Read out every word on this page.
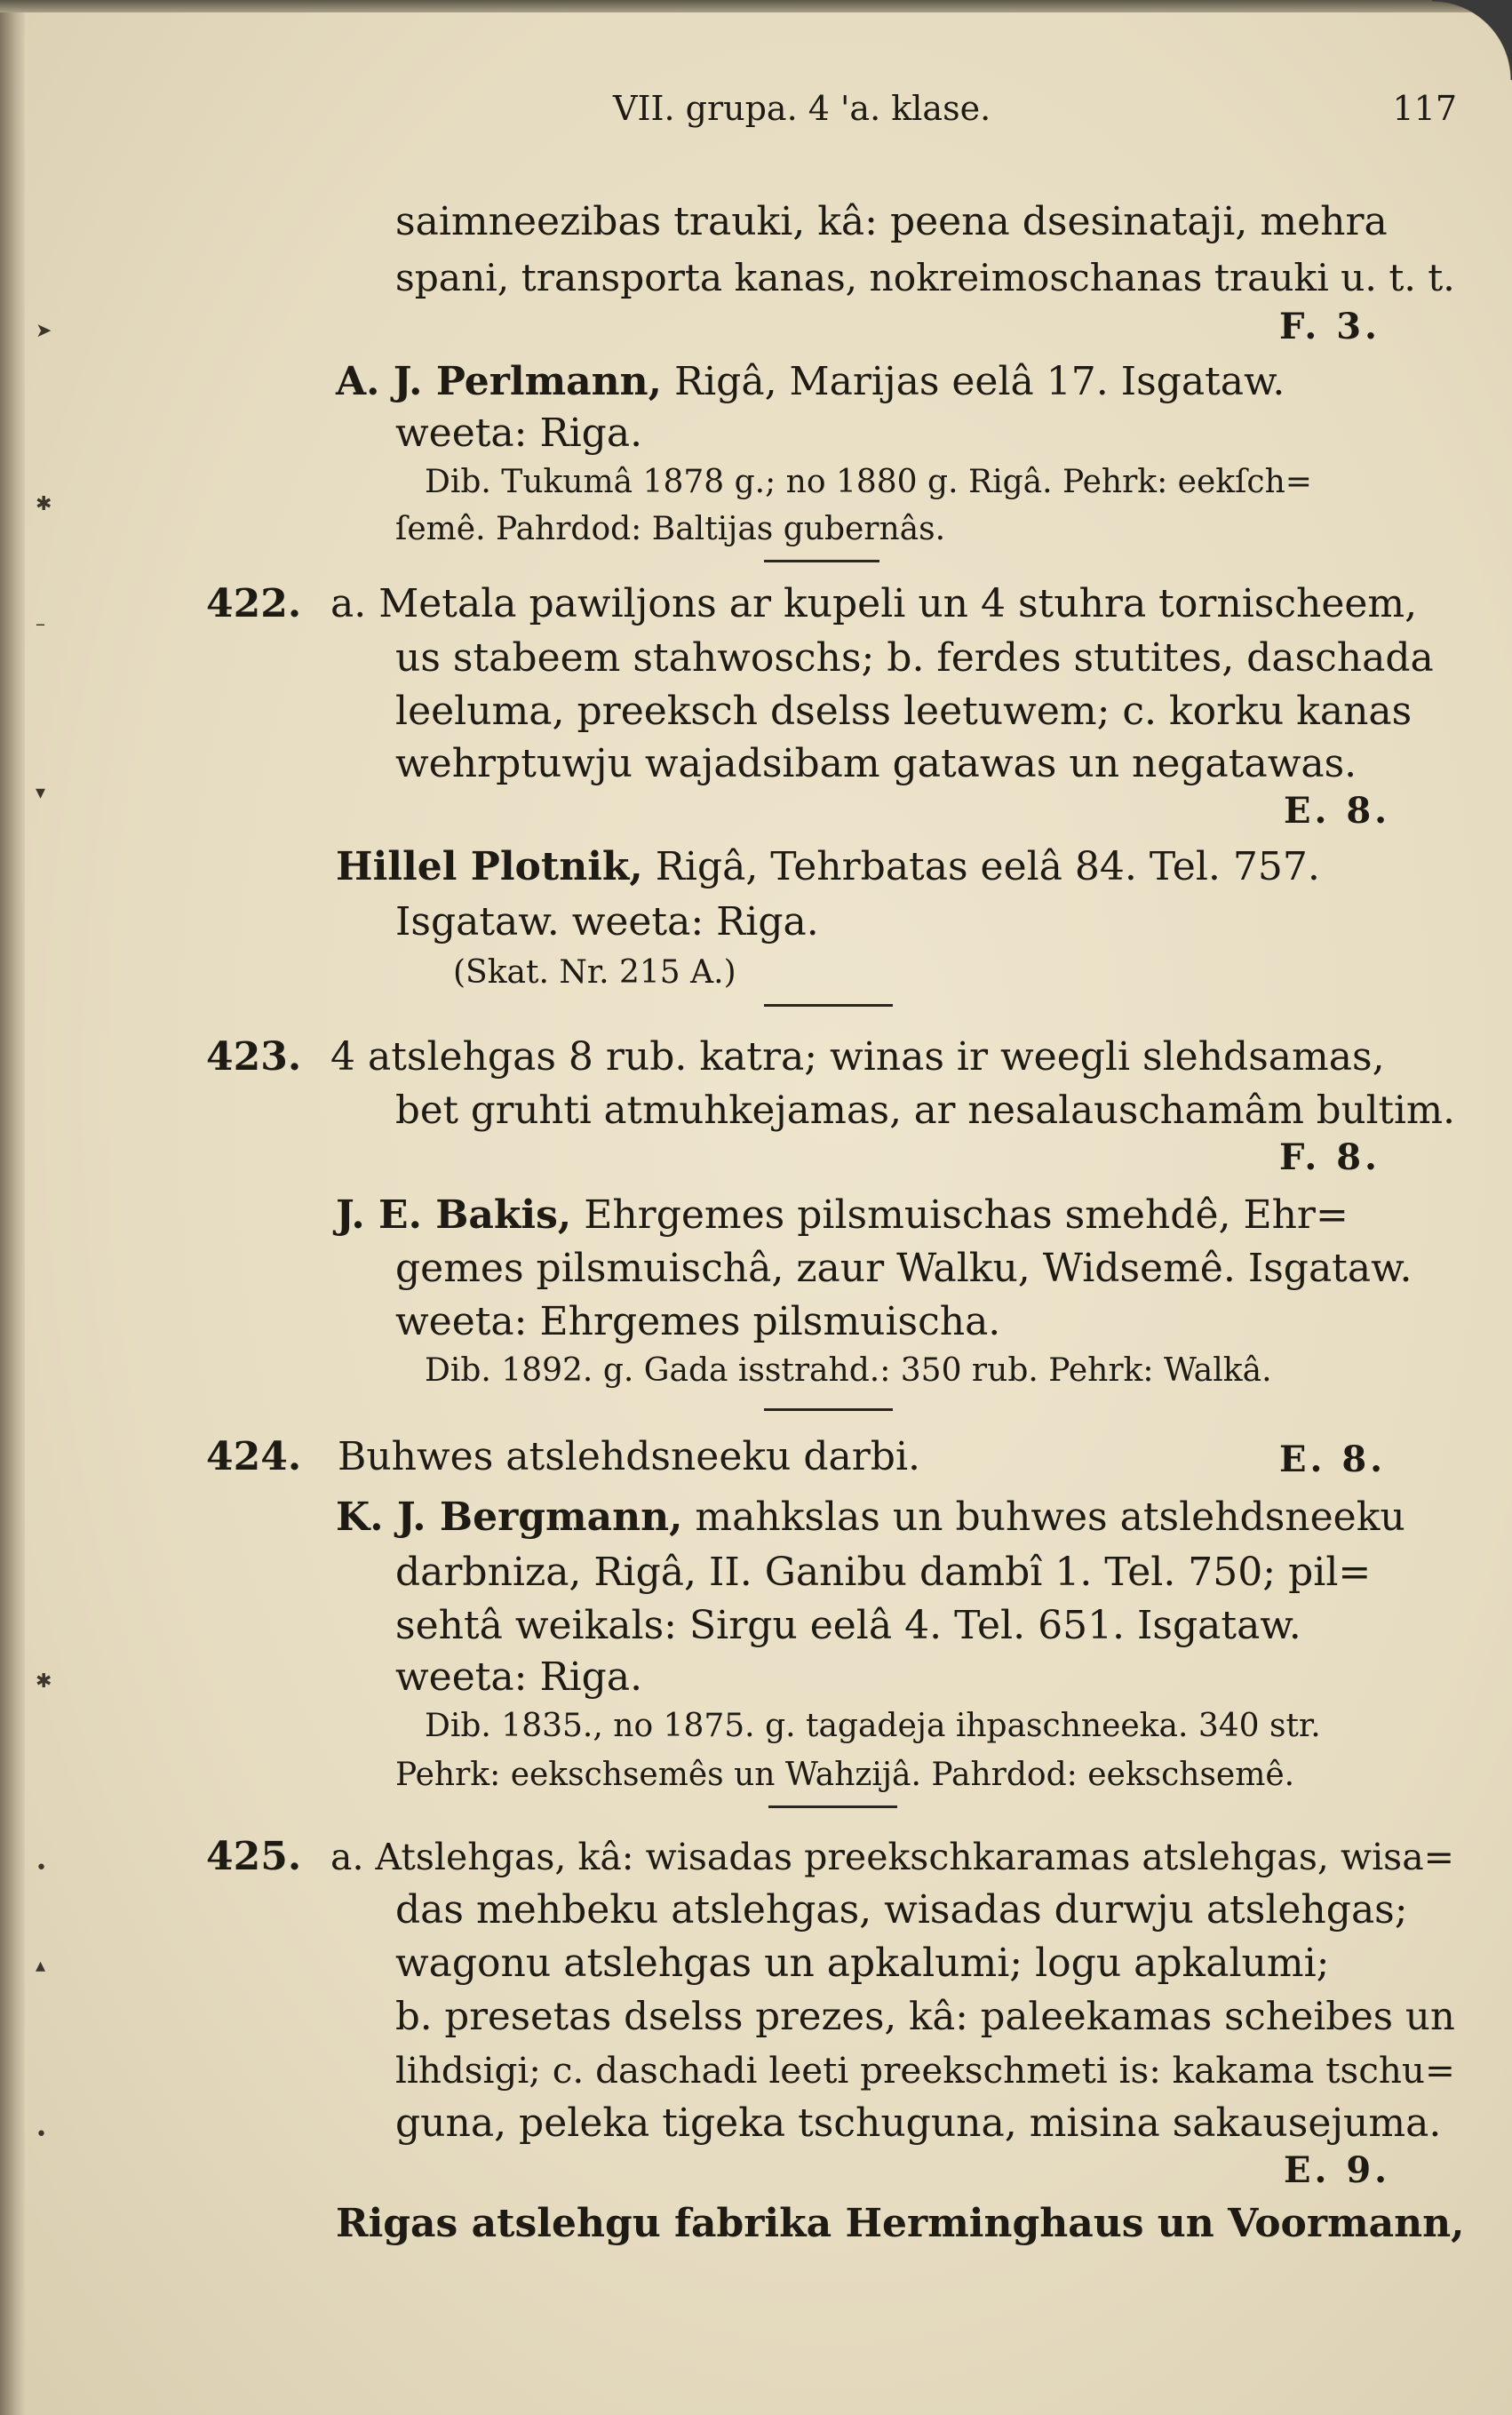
➤
✱
–
▾
✱
•
▴
•
VII. grupa. 4 'a. klase.	117
saimneezibas trauki, kâ: peena dsesinataji, mehra
spani, transporta kanas, nokreimoschanas trauki u. t. t.
F. 3.
A. J. Perlmann, Rigâ, Marijas eelâ 17. Isgataw.
weeta: Riga.
Dib. Tukumâ 1878 g.; no 1880 g. Rigâ. Pehrk: eekſch=
ſemê. Pahrdod: Baltijas gubernâs.
422. a. Metala pawiljons ar kupeli un 4 stuhra tornischeem,
us stabeem stahwoschs; b. ferdes stutites, daschada
leeluma, preeksch dselss leetuwem; c. korku kanas
wehrptuwju wajadsibam gatawas un negatawas.
E. 8.
Hillel Plotnik, Rigâ, Tehrbatas eelâ 84. Tel. 757.
Isgataw. weeta: Riga.
(Skat. Nr. 215 A.)
423. 4 atslehgas 8 rub. katra; winas ir weegli slehdsamas,
bet gruhti atmuhkejamas, ar nesalauschamâm bultim.
F. 8.
J. E. Bakis, Ehrgemes pilsmuischas smehdê, Ehr=
gemes pilsmuischâ, zaur Walku, Widsemê. Isgataw.
weeta: Ehrgemes pilsmuischa.
Dib. 1892. g. Gada isstrahd.: 350 rub. Pehrk: Walkâ.
424. Buhwes atslehdsneeku darbi.	E. 8.
K. J. Bergmann, mahkslas un buhwes atslehdsneeku
darbniza, Rigâ, II. Ganibu dambî 1. Tel. 750; pil=
sehtâ weikals: Sirgu eelâ 4. Tel. 651. Isgataw.
weeta: Riga.
Dib. 1835., no 1875. g. tagadeja ihpaschneeka. 340 str.
Pehrk: eekschsemês un Wahzijâ. Pahrdod: eekschsemê.
425. a. Atslehgas, kâ: wisadas preekschkaramas atslehgas, wisa=
das mehbeku atslehgas, wisadas durwju atslehgas;
wagonu atslehgas un apkalumi; logu apkalumi;
b. presetas dselss prezes, kâ: paleekamas scheibes un
lihdsigi; c. daschadi leeti preekschmeti is: kakama tschu=
guna, peleka tigeka tschuguna, misina sakausejuma.
E. 9.
Rigas atslehgu fabrika Herminghaus un Voormann,
